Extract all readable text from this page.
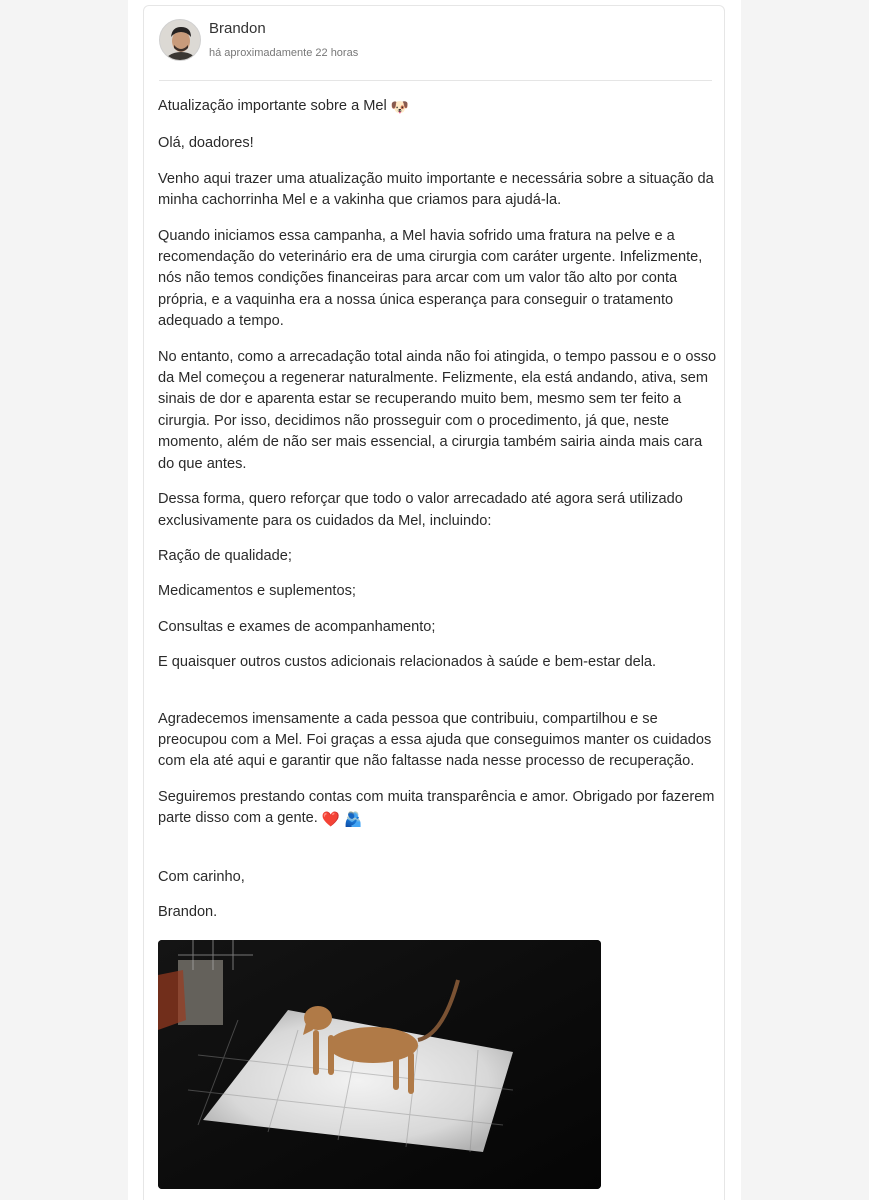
Brandon
há aproximadamente 22 horas

Atualização importante sobre a Mel 🐶

Olá, doadores!

Venho aqui trazer uma atualização muito importante e necessária sobre a situação da minha cachorrinha Mel e a vakinha que criamos para ajudá-la.

Quando iniciamos essa campanha, a Mel havia sofrido uma fratura na pelve e a recomendação do veterinário era de uma cirurgia com caráter urgente. Infelizmente, nós não temos condições financeiras para arcar com um valor tão alto por conta própria, e a vaquinha era a nossa única esperança para conseguir o tratamento adequado a tempo.

No entanto, como a arrecadação total ainda não foi atingida, o tempo passou e o osso da Mel começou a regenerar naturalmente. Felizmente, ela está andando, ativa, sem sinais de dor e aparenta estar se recuperando muito bem, mesmo sem ter feito a cirurgia. Por isso, decidimos não prosseguir com o procedimento, já que, neste momento, além de não ser mais essencial, a cirurgia também sairia ainda mais cara do que antes.

Dessa forma, quero reforçar que todo o valor arrecadado até agora será utilizado exclusivamente para os cuidados da Mel, incluindo:

Ração de qualidade;

Medicamentos e suplementos;

Consultas e exames de acompanhamento;

E quaisquer outros custos adicionais relacionados à saúde e bem-estar dela.

Agradecemos imensamente a cada pessoa que contribuiu, compartilhou e se preocupou com a Mel. Foi graças a essa ajuda que conseguimos manter os cuidados com ela até aqui e garantir que não faltasse nada nesse processo de recuperação.

Seguiremos prestando contas com muita transparência e amor. Obrigado por fazerem parte disso com a gente. ❤️ 🫂

Com carinho,

Brandon.
